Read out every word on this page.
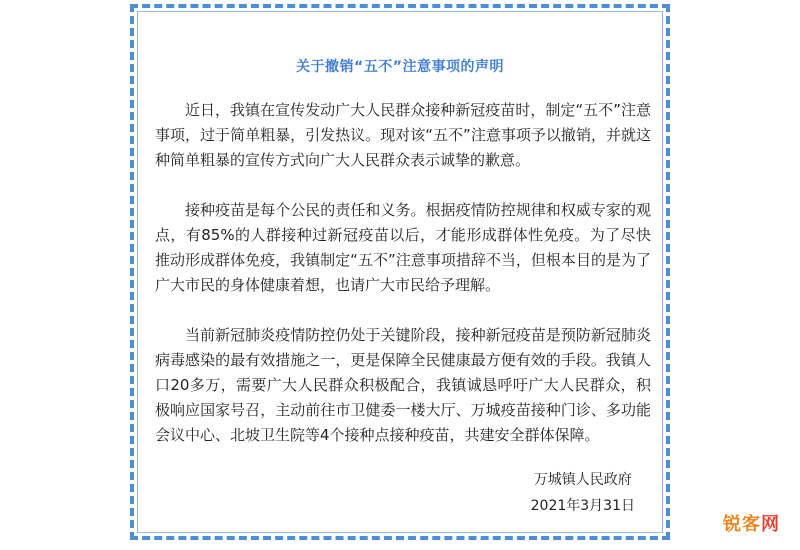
关于撤销“五不”注意事项的声明

近日，我镇在宣传发动广大人民群众接种新冠疫苗时，制定“五不”注意事项，过于简单粗暴，引发热议。现对该“五不”注意事项予以撤销，并就这种简单粗暴的宣传方式向广大人民群众表示诚挚的歉意。

接种疫苗是每个公民的责任和义务。根据疫情防控规律和权威专家的观点，有85%的人群接种过新冠疫苗以后，才能形成群体性免疫。为了尽快推动形成群体免疫，我镇制定“五不”注意事项措辞不当，但根本目的是为了广大市民的身体健康着想，也请广大市民给予理解。

当前新冠肺炎疫情防控仍处于关键阶段，接种新冠疫苗是预防新冠肺炎病毒感染的最有效措施之一，更是保障全民健康最方便有效的手段。我镇人口20多万，需要广大人民群众积极配合，我镇诚恳呼吁广大人民群众，积极响应国家号召，主动前往市卫健委一楼大厅、万城疫苗接种门诊、多功能会议中心、北坡卫生院等4个接种点接种疫苗，共建安全群体保障。

万城镇人民政府
2021年3月31日
锐客网
